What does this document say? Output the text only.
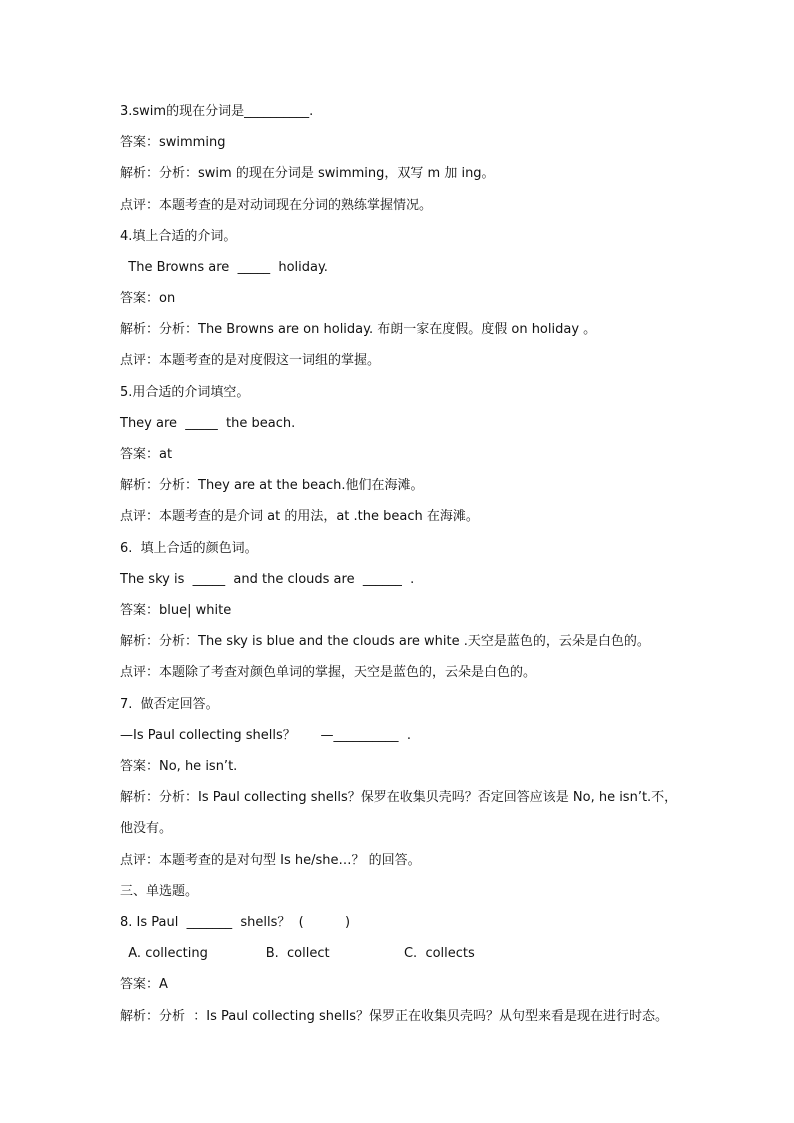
3.swim的现在分词是__________.
答案：swimming
解析：分析：swim 的现在分词是 swimming，双写 m 加 ing。
点评：本题考查的是对动词现在分词的熟练掌握情况。
4.填上合适的介词。
The Browns are  _____  holiday.
答案：on
解析：分析：The Browns are on holiday. 布朗一家在度假。度假 on holiday 。
点评：本题考查的是对度假这一词组的掌握。
5.用合适的介词填空。
They are  _____  the beach.
答案：at
解析：分析：They are at the beach.他们在海滩。
点评：本题考查的是介词 at 的用法，at .the beach 在海滩。
6.  填上合适的颜色词。
The sky is  _____  and the clouds are  ______  .
答案：blue| white
解析：分析：The sky is blue and the clouds are white .天空是蓝色的，云朵是白色的。
点评：本题除了考查对颜色单词的掌握，天空是蓝色的，云朵是白色的。
7.  做否定回答。
—Is Paul collecting shells？      —__________  .
答案：No, he isn’t.
解析：分析：Is Paul collecting shells？保罗在收集贝壳吗？否定回答应该是 No, he isn’t.不，
他没有。
点评：本题考查的是对句型 Is he/she…？ 的回答。
三、单选题。
8. Is Paul  _______  shells？  (          )
A. collecting              B.  collect                  C.  collects
答案：A
解析：分析  ：Is Paul collecting shells？保罗正在收集贝壳吗？从句型来看是现在进行时态。
